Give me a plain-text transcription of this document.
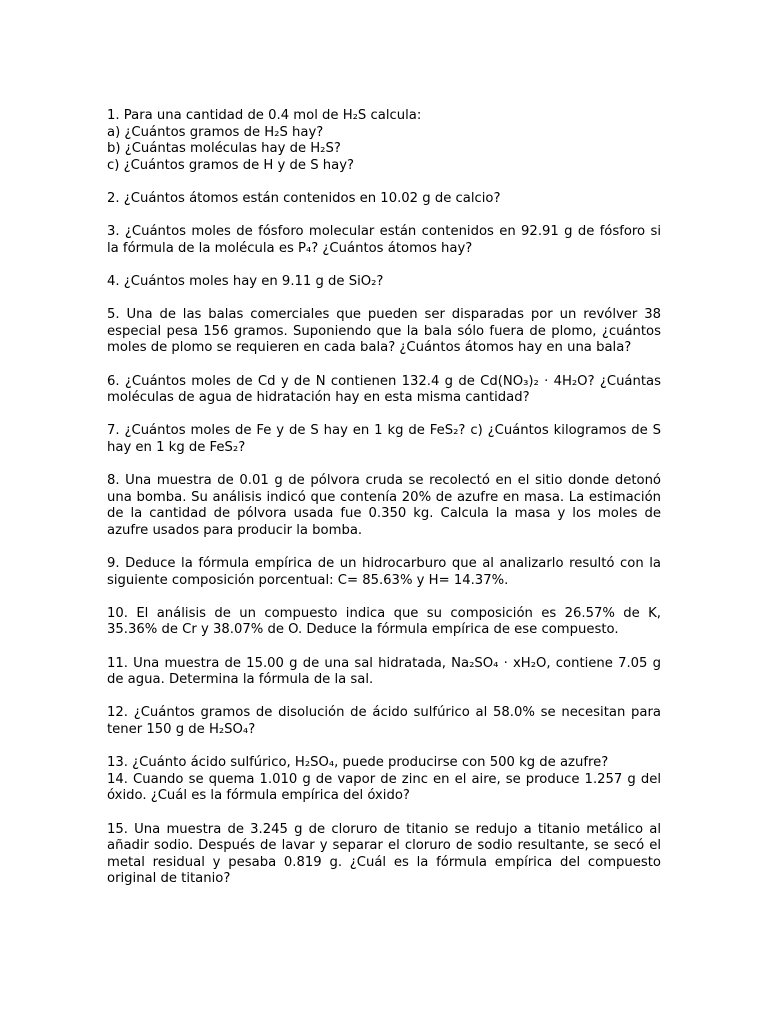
1. Para una cantidad de 0.4 mol de H₂S calcula:
a) ¿Cuántos gramos de H₂S hay?
b) ¿Cuántas moléculas hay de H₂S?
c) ¿Cuántos gramos de H y de S hay?

2. ¿Cuántos átomos están contenidos en 10.02 g de calcio?

3. ¿Cuántos moles de fósforo molecular están contenidos en 92.91 g de fósforo si la fórmula de la molécula es P₄? ¿Cuántos átomos hay?

4. ¿Cuántos moles hay en 9.11 g de SiO₂?

5. Una de las balas comerciales que pueden ser disparadas por un revólver 38 especial pesa 156 gramos. Suponiendo que la bala sólo fuera de plomo, ¿cuántos moles de plomo se requieren en cada bala? ¿Cuántos átomos hay en una bala?

6. ¿Cuántos moles de Cd y de N contienen 132.4 g de Cd(NO₃)₂ · 4H₂O? ¿Cuántas moléculas de agua de hidratación hay en esta misma cantidad?

7. ¿Cuántos moles de Fe y de S hay en 1 kg de FeS₂? c) ¿Cuántos kilogramos de S hay en 1 kg de FeS₂?

8. Una muestra de 0.01 g de pólvora cruda se recolectó en el sitio donde detonó una bomba. Su análisis indicó que contenía 20% de azufre en masa. La estimación de la cantidad de pólvora usada fue 0.350 kg. Calcula la masa y los moles de azufre usados para producir la bomba.

9. Deduce la fórmula empírica de un hidrocarburo que al analizarlo resultó con la siguiente composición porcentual: C= 85.63% y H= 14.37%.

10. El análisis de un compuesto indica que su composición es 26.57% de K, 35.36% de Cr y 38.07% de O. Deduce la fórmula empírica de ese compuesto.

11. Una muestra de 15.00 g de una sal hidratada, Na₂SO₄ · xH₂O, contiene 7.05 g de agua. Determina la fórmula de la sal.

12. ¿Cuántos gramos de disolución de ácido sulfúrico al 58.0% se necesitan para tener 150 g de H₂SO₄?

13. ¿Cuánto ácido sulfúrico, H₂SO₄, puede producirse con 500 kg de azufre?

14. Cuando se quema 1.010 g de vapor de zinc en el aire, se produce 1.257 g del óxido. ¿Cuál es la fórmula empírica del óxido?

15. Una muestra de 3.245 g de cloruro de titanio se redujo a titanio metálico al añadir sodio. Después de lavar y separar el cloruro de sodio resultante, se secó el metal residual y pesaba 0.819 g. ¿Cuál es la fórmula empírica del compuesto original de titanio?
